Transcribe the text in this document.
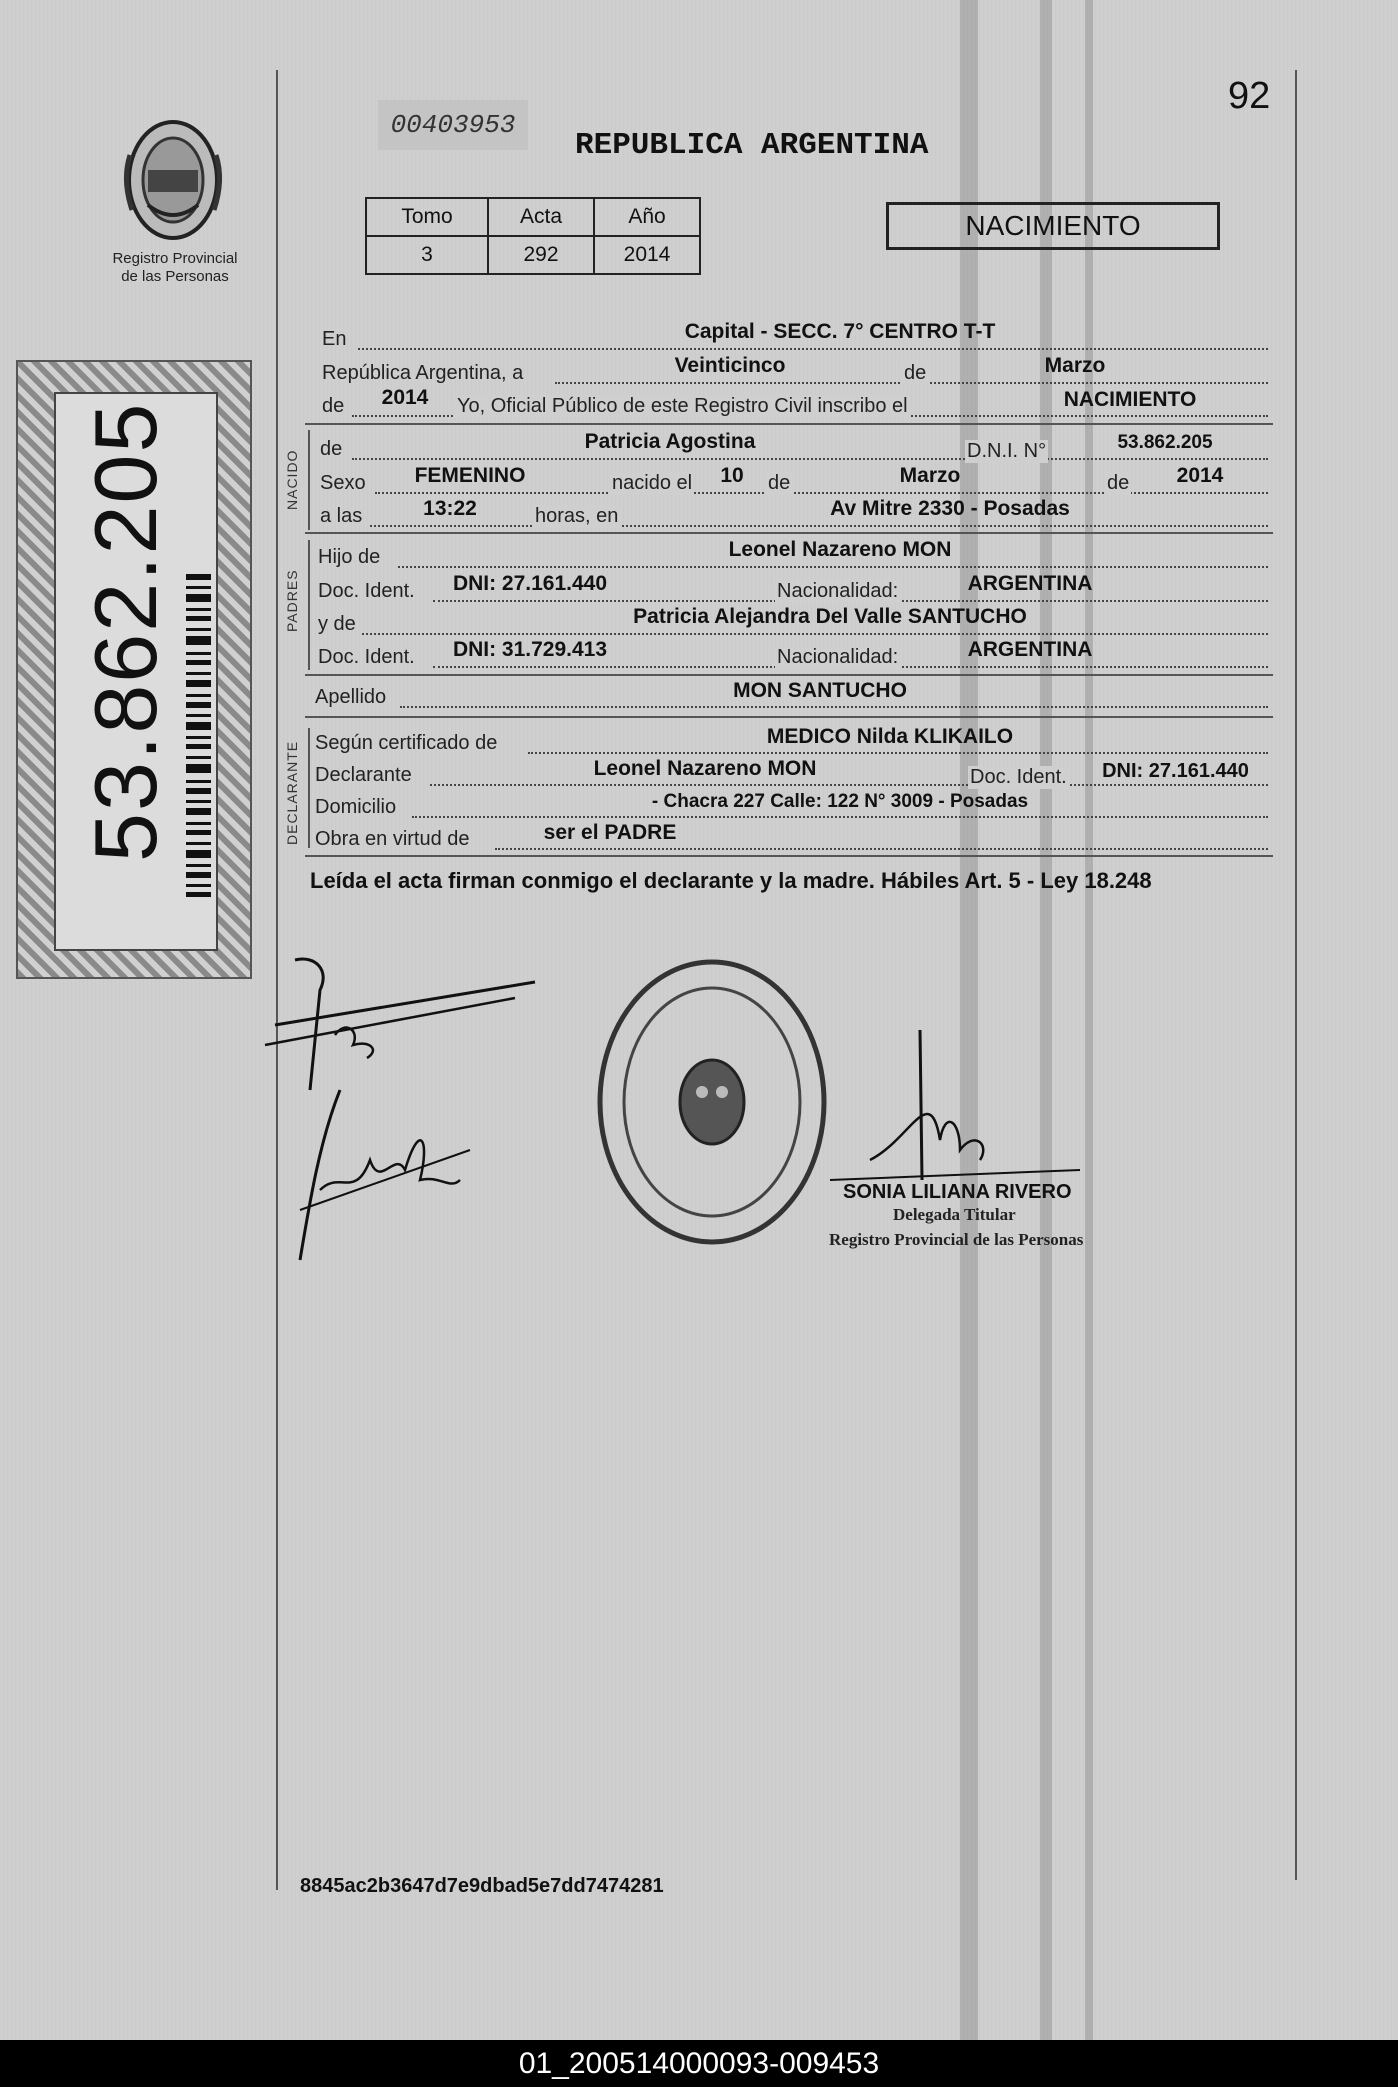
Registro Provincial
de las Personas
53.862.205
00403953
REPUBLICA ARGENTINA
92
Tomo	Acta	Año
3	292	2014
NACIMIENTO
En	Capital - SECC. 7° CENTRO T-T
República Argentina, a	Veinticinco	de	Marzo
de	2014	Yo, Oficial Público de este Registro Civil inscribo el	NACIMIENTO
NACIDO
de	Patricia Agostina	D.N.I. N°	53.862.205
Sexo	FEMENINO	nacido el	10	de	Marzo	de	2014
a las	13:22	horas, en	Av Mitre 2330 - Posadas
PADRES
Hijo de	Leonel Nazareno MON
Doc. Ident.	DNI: 27.161.440	Nacionalidad:	ARGENTINA
y de	Patricia Alejandra Del Valle SANTUCHO
Doc. Ident.	DNI: 31.729.413	Nacionalidad:	ARGENTINA
Apellido	MON SANTUCHO
DECLARANTE Según certificado de	MEDICO Nilda KLIKAILO
Declarante	Leonel Nazareno MON	Doc. Ident.	DNI: 27.161.440
Domicilio	- Chacra 227 Calle: 122 N° 3009 - Posadas
Obra en virtud de	ser el PADRE
Leída el acta firman conmigo el declarante y la madre. Hábiles Art. 5 - Ley 18.248
SONIA LILIANA RIVERO
Delegada Titular
Registro Provincial de las Personas
8845ac2b3647d7e9dbad5e7dd7474281
01_200514000093-009453
